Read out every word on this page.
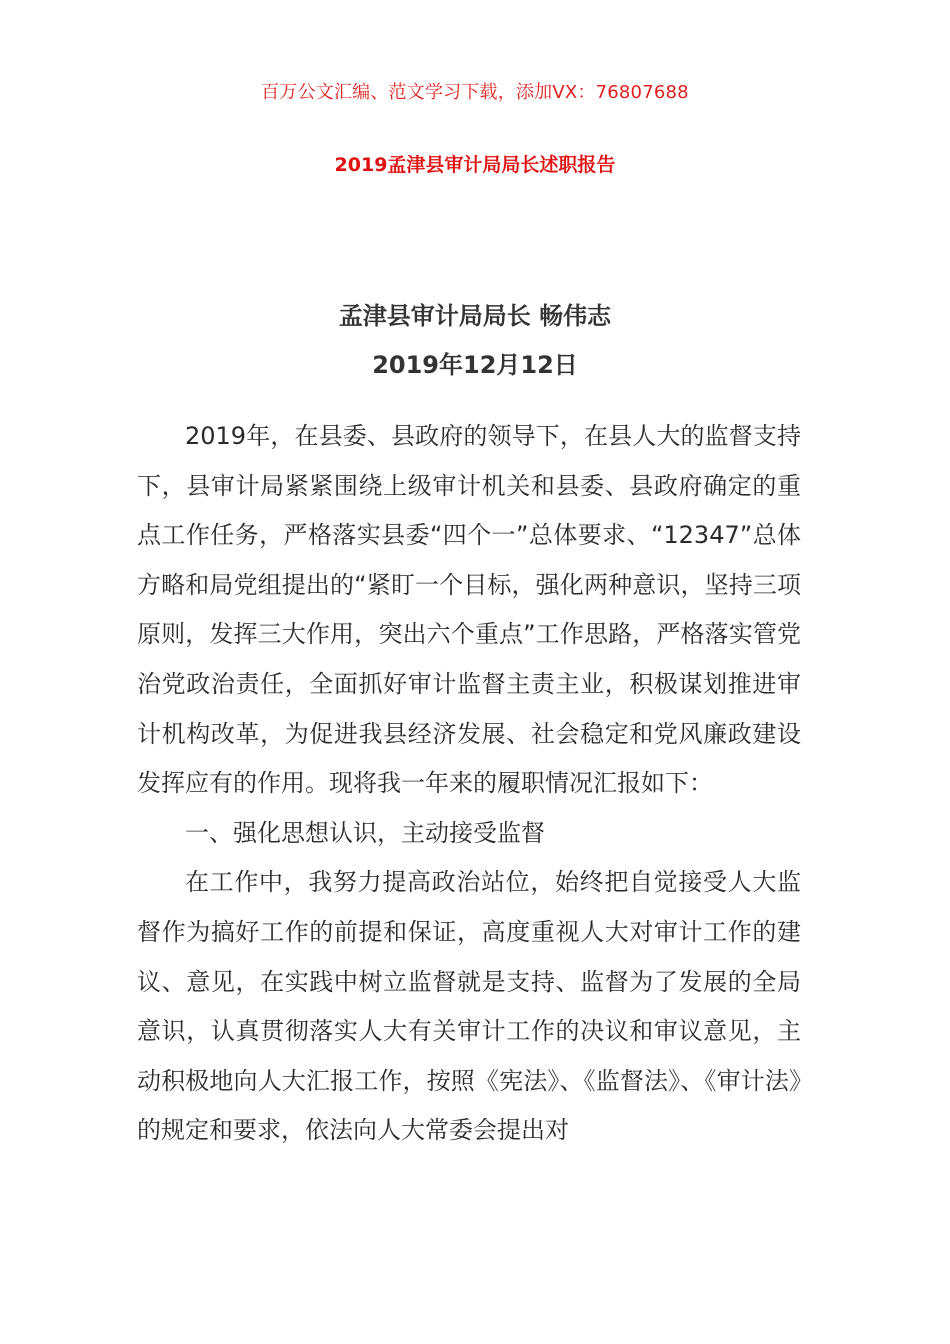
百万公文汇编、范文学习下载，添加VX：76807688
2019孟津县审计局局长述职报告
孟津县审计局局长 畅伟志
2019年12月12日

2019年，在县委、县政府的领导下，在县人大的监督支持下，县审计局紧紧围绕上级审计机关和县委、县政府确定的重点工作任务，严格落实县委“四个一”总体要求、“12347”总体方略和局党组提出的“紧盯一个目标，强化两种意识，坚持三项原则，发挥三大作用，突出六个重点”工作思路，严格落实管党治党政治责任，全面抓好审计监督主责主业，积极谋划推进审计机构改革，为促进我县经济发展、社会稳定和党风廉政建设发挥应有的作用。现将我一年来的履职情况汇报如下：

一、强化思想认识，主动接受监督

在工作中，我努力提高政治站位，始终把自觉接受人大监督作为搞好工作的前提和保证，高度重视人大对审计工作的建议、意见，在实践中树立监督就是支持、监督为了发展的全局意识，认真贯彻落实人大有关审计工作的决议和审议意见，主动积极地向人大汇报工作，按照《宪法》、《监督法》、《审计法》的规定和要求，依法向人大常委会提出对
